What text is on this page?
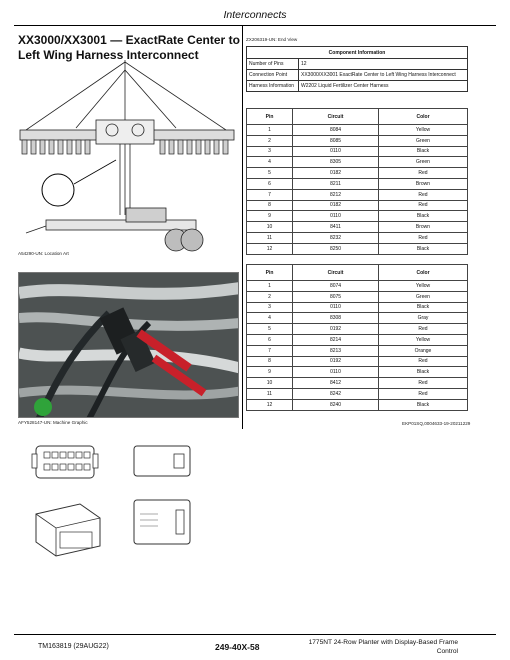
Interconnects
XX3000/XX3001 — ExactRate Center to Left Wing Harness Interconnect
A54290-UN: Location Art
ZX206319-UN: End View
Component Information	
Number of Pins	12
Connection Point	XX3000/XX3001 ExactRate Center to Left Wing Harness Interconnect
Harness Information	W2202 Liquid Fertilizer Center Harness
Pin	Circuit	Color
1	8084	Yellow
2	8085	Green
3	0110	Black
4	8305	Green
5	0182	Red
6	8211	Brown
7	8212	Red
8	0182	Red
9	0110	Black
10	8411	Brown
11	8232	Red
12	8250	Black
AFY528147-UN: Machine Graphic
Pin	Circuit	Color
1	8074	Yellow
2	8075	Green
3	0110	Black
4	8308	Gray
5	0192	Red
6	8214	Yellow
7	8213	Orange
8	0192	Red
9	0110	Black
10	8412	Red
11	8242	Red
12	8240	Black
EKP01SQ,0004633-19-20211229
TM163819 (29AUG22)	249-40X-58	1775NT 24-Row Planter with Display-Based Frame Control
